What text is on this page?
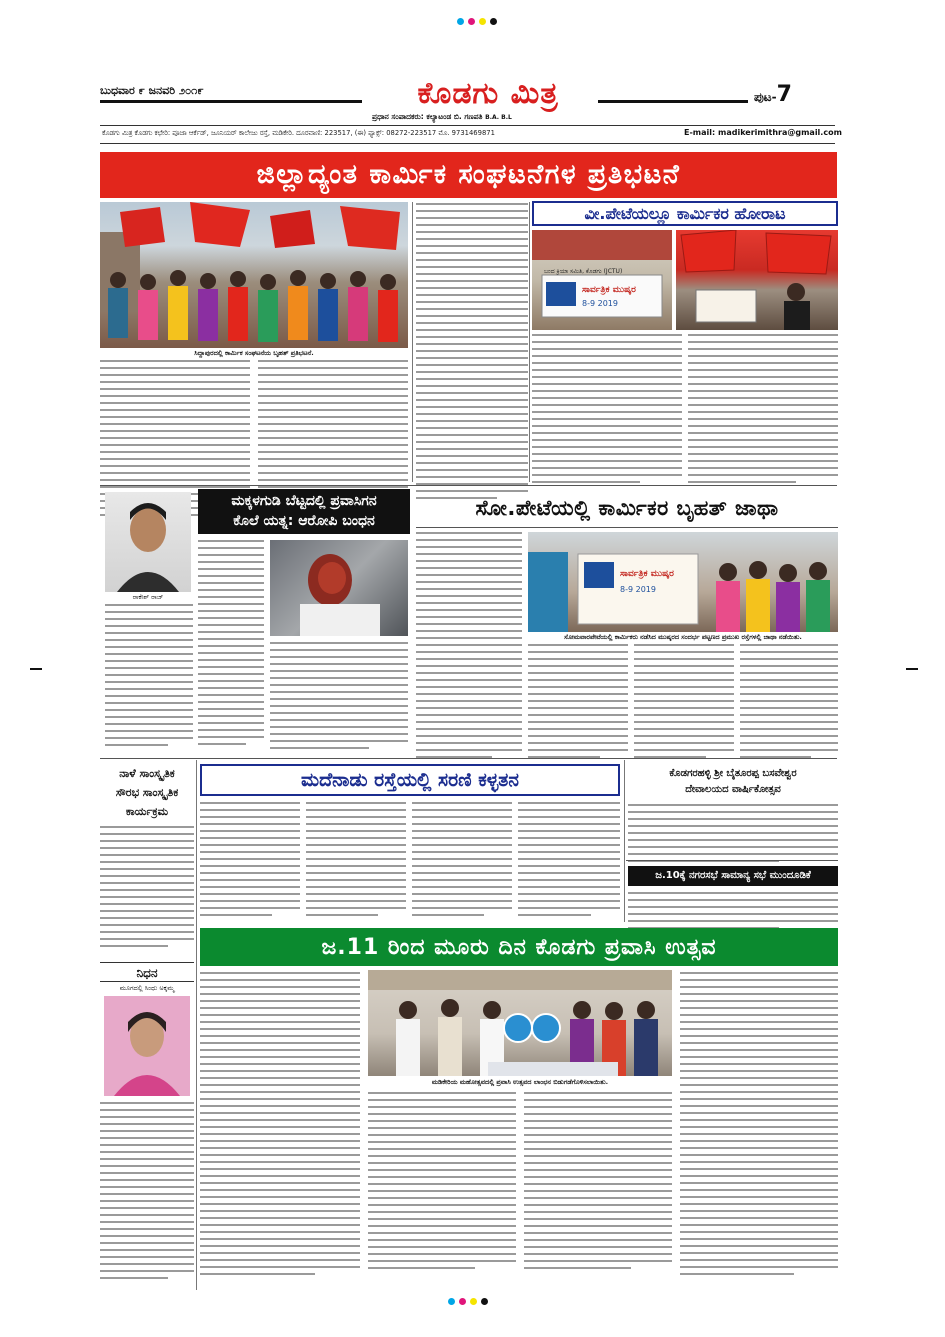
ಬುಧವಾರ ೯ ಜನವರಿ ೨೦೧೯	ಕೊಡಗು ಮಿತ್ರ
ಪ್ರಧಾನ ಸಂಪಾದಕರು: ಕಲ್ಯಾಟಂಡ ಬಿ. ಗಣಪತಿ B.A. B.L
ಪುಟ-7
ಕೊಡಗು ಮಿತ್ರ ಕೊಡಗು ಕಛೇರಿ: ಪೂಜಾ ಆರ್ಕೆಡ್, ಜೂನಿಯರ್ ಕಾಲೇಜು ರಸ್ತೆ, ಮಡಿಕೇರಿ. ದೂರವಾಣಿ: 223517, (ಈ) ಫ್ಯಾಕ್ಸ್: 08272-223517 ಮೊ. 9731469871	E-mail: madikerimithra@gmail.com
ಜಿಲ್ಲಾದ್ಯಂತ ಕಾರ್ಮಿಕ ಸಂಘಟನೆಗಳ ಪ್ರತಿಭಟನೆ
ಸಿದ್ದಾಪುರದಲ್ಲಿ ಕಾರ್ಮಿಕ ಸಂಘಟನೆಯ ಬೃಹತ್ ಪ್ರತಿಭಟನೆ.
ವೀ.ಪೇಟೆಯಲ್ಲೂ ಕಾರ್ಮಿಕರ ಹೋರಾಟ
ಸಾರ್ವತ್ರಿಕ ಮುಷ್ಕರ
8-9 2019
ಬಂದ ಕ್ರಿಯಾ ಸಮಿತಿ, ಕೊಡಗು (JCTU)
ಮಕ್ಕಳಗುಡಿ ಬೆಟ್ಟದಲ್ಲಿ ಪ್ರವಾಸಿಗನ
ಕೊಲೆ ಯತ್ನ: ಆರೋಪಿ ಬಂಧನ
ರಾಕೇಶ್ ರಾಜ್
ಸೋ.ಪೇಟೆಯಲ್ಲಿ ಕಾರ್ಮಿಕರ ಬೃಹತ್ ಜಾಥಾ
ಸಾರ್ವತ್ರಿಕ ಮುಷ್ಕರ
8-9 2019
ಸೋಮವಾರಪೇಟೆಯಲ್ಲಿ ಕಾರ್ಮಿಕರು ನಡೆಸಿದ ಮುಷ್ಕರದ ಸಂದರ್ಭ ಪಟ್ಟಣದ ಪ್ರಮುಖ ರಸ್ತೆಗಳಲ್ಲಿ ಜಾಥಾ ನಡೆಯಿತು.
ನಾಳೆ ಸಾಂಸ್ಕೃತಿಕ
ಸೌರಭ ಸಾಂಸ್ಕೃತಿಕ
ಕಾರ್ಯಕ್ರಮ
ಮದೆನಾಡು ರಸ್ತೆಯಲ್ಲಿ ಸರಣಿ ಕಳ್ಳತನ	ಕೊಡಗರಹಳ್ಳಿ ಶ್ರೀ ಬೈತೂರಪ್ಪ ಬಸವೇಶ್ವರ
ದೇವಾಲಯದ ವಾರ್ಷಿಕೋತ್ಸವ
ಜ.10ಕ್ಕೆ ನಗರಸಭೆ ಸಾಮಾನ್ಯ ಸಭೆ ಮುಂದೂಡಿಕೆ
ಜ.11 ರಿಂದ ಮೂರು ದಿನ ಕೊಡಗು ಪ್ರವಾಸಿ ಉತ್ಸವ
ಮಡಿಕೇರಿಯ ಮಹೋತ್ಸವದಲ್ಲಿ ಪ್ರವಾಸಿ ಉತ್ಸವದ ಲಾಂಛನ ಬಿಡುಗಡೆಗೊಳಿಸಲಾಯಿತು.
ನಿಧನ
ಮೂಗದಲ್ಲಿ ಸಿಂಧು ಅಕ್ಕಮ್ಮ
